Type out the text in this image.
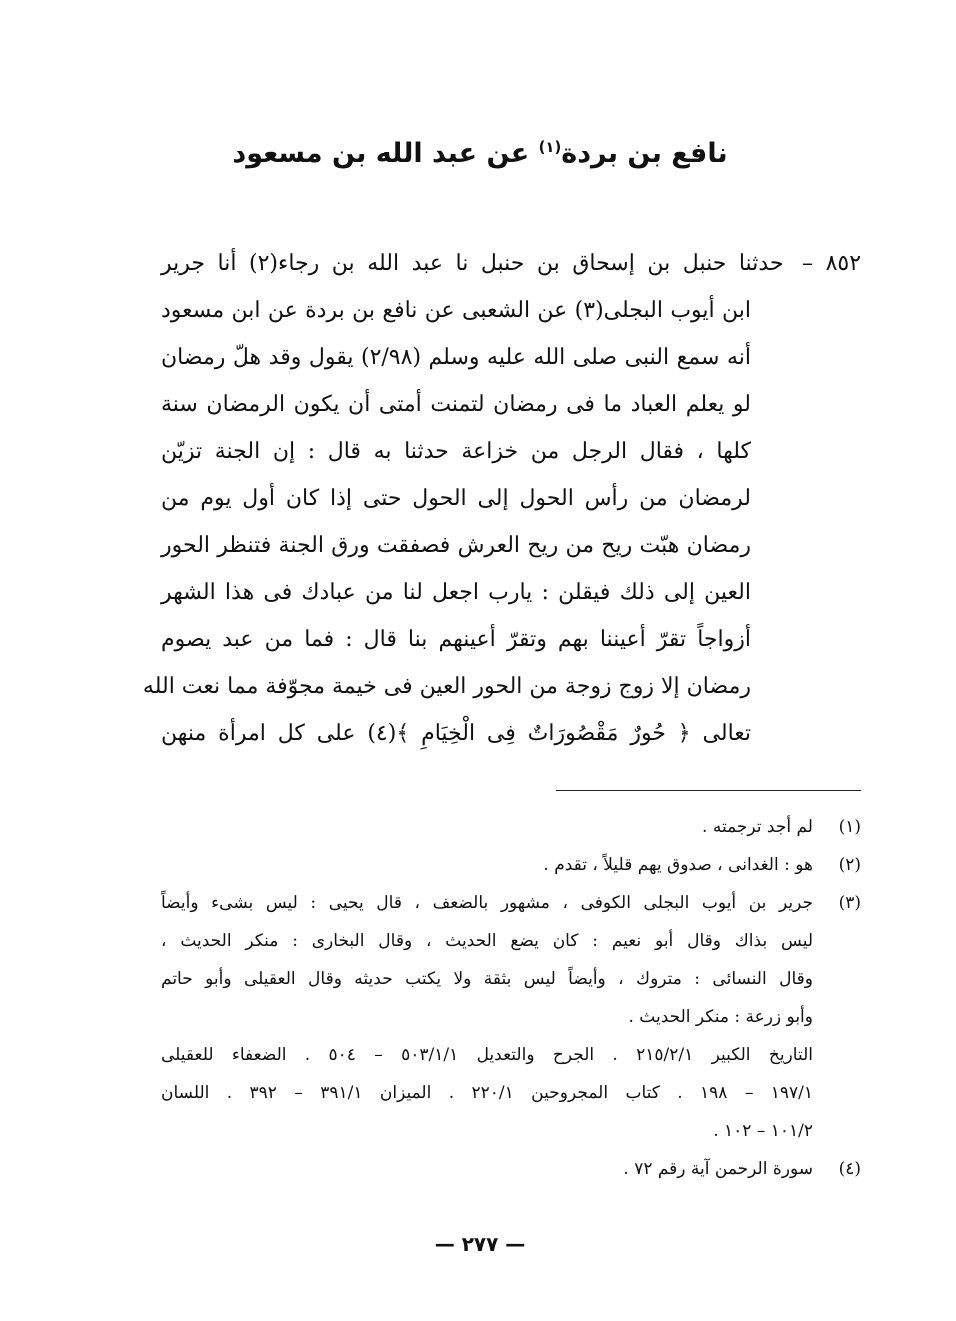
نافع بن بردة$^{(١)}$ عن عبد الله بن مسعود
٨٥٢ – حدثنا حنبل بن إسحاق بن حنبل نا عبد الله بن رجاء(٢) أنا جرير
ابن أيوب البجلى(٣) عن الشعبى عن نافع بن بردة عن ابن مسعود
أنه سمع النبى صلى الله عليه وسلم (٢/٩٨) يقول وقد هلّ رمضان
لو يعلم العباد ما فى رمضان لتمنت أمتى أن يكون الرمضان سنة
كلها ، فقال الرجل من خزاعة حدثنا به قال : إن الجنة تزيّن
لرمضان من رأس الحول إلى الحول حتى إذا كان أول يوم من
رمضان هبّت ريح من ريح العرش فصفقت ورق الجنة فتنظر الحور
العين إلى ذلك فيقلن : يارب اجعل لنا من عبادك فى هذا الشهر
أزواجاً تقرّ أعيننا بهم وتقرّ أعينهم بنا قال : فما من عبد يصوم
رمضان إلا زوج زوجة من الحور العين فى خيمة مجوّفة مما نعت الله
تعالى ﴿ حُورٌ مَقْصُورَاتٌ فِى الْخِيَامِ ﴾(٤) على كل امرأة منهن
(١)
لم أجد ترجمته .
(٢)
هو : الغدانى ، صدوق يهم قليلاً ، تقدم .
(٣)
جرير بن أيوب البجلى الكوفى ، مشهور بالضعف ، قال يحيى : ليس بشىء وأيضاً
ليس بذاك وقال أبو نعيم : كان يضع الحديث ، وقال البخارى : منكر الحديث ،
وقال النسائى : متروك ، وأيضاً ليس بثقة ولا يكتب حديثه وقال العقيلى وأبو حاتم
وأبو زرعة : منكر الحديث .
التاريخ الكبير ٢١٥/٢/١ . الجرح والتعديل ٥٠٣/١/١ – ٥٠٤ . الضعفاء للعقيلى
١٩٧/١ – ١٩٨ . كتاب المجروحين ٢٢٠/١ . الميزان ٣٩١/١ – ٣٩٢ . اللسان
١٠١/٢ – ١٠٢ .
(٤)
سورة الرحمن آية رقم ٧٢ .
— ٢٧٧ —
